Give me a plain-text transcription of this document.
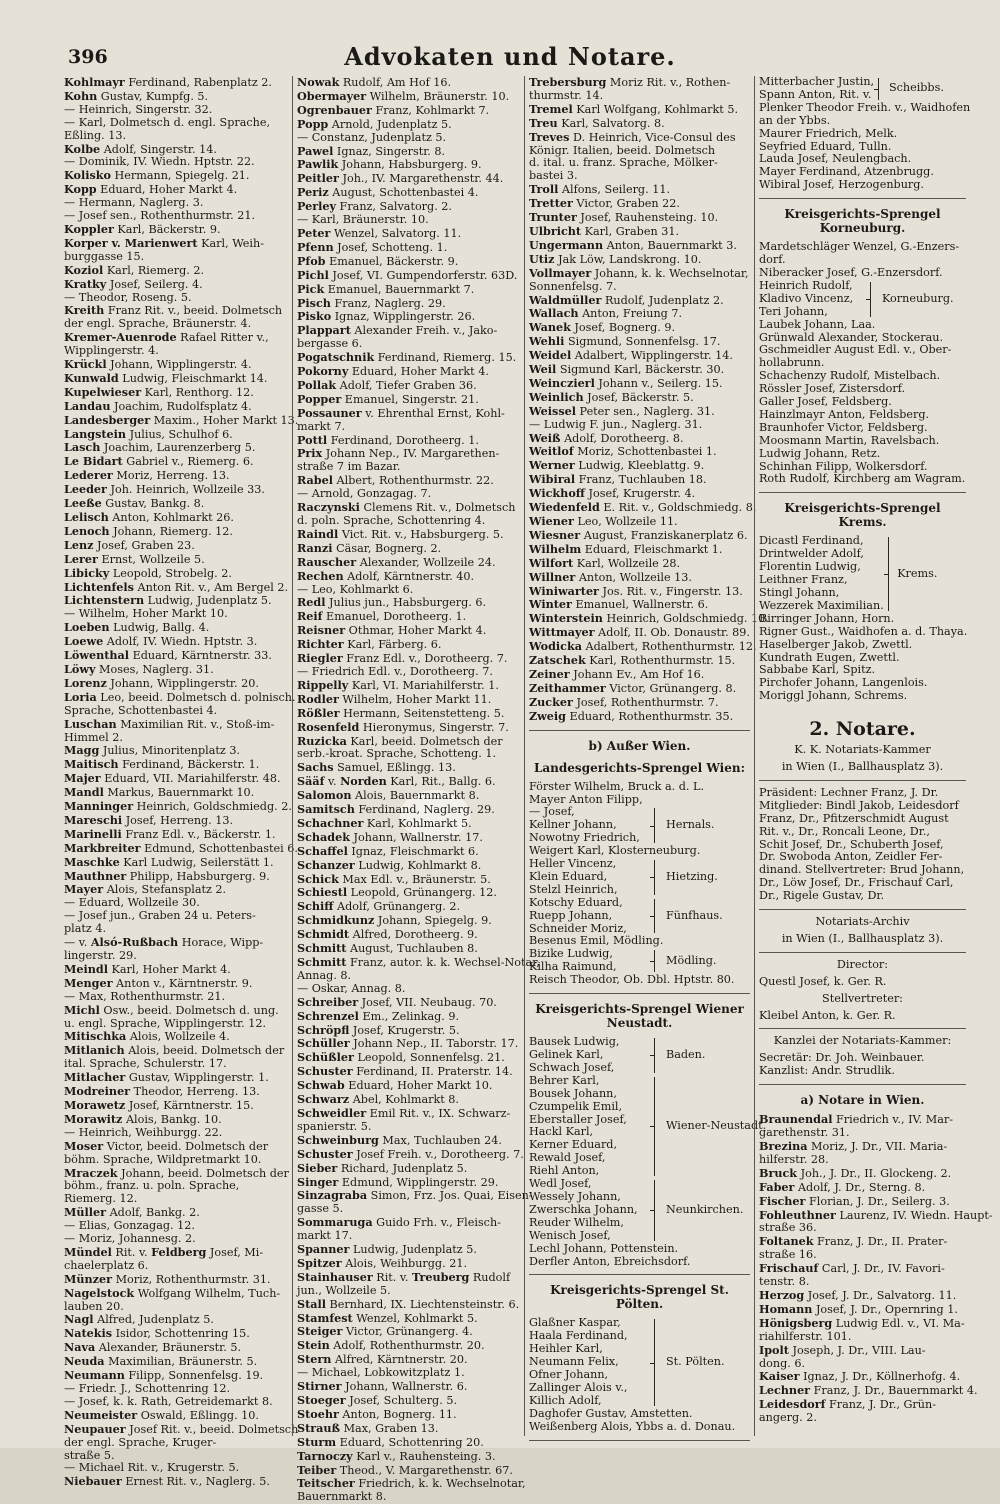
396	Advokaten und Notare.
Kohlmayr Ferdinand, Rabenplatz 2.
Kohn Gustav, Kumpfg. 5.
— Heinrich, Singerstr. 32.
— Karl, Dolmetsch d. engl. Sprache,
Eßling. 13.
Kolbe Adolf, Singerstr. 14.
— Dominik, IV. Wiedn. Hptstr. 22.
Kolisko Hermann, Spiegelg. 21.
Kopp Eduard, Hoher Markt 4.
— Hermann, Naglerg. 3.
— Josef sen., Rothenthurmstr. 21.
Koppler Karl, Bäckerstr. 9.
Korper v. Marienwert Karl, Weih-
burggasse 15.
Koziol Karl, Riemerg. 2.
Kratky Josef, Seilerg. 4.
— Theodor, Roseng. 5.
Kreith Franz Rit. v., beeid. Dolmetsch
der engl. Sprache, Bräunerstr. 4.
Kremer-Auenrode Rafael Ritter v.,
Wipplingerstr. 4.
Krückl Johann, Wipplingerstr. 4.
Kunwald Ludwig, Fleischmarkt 14.
Kupelwieser Karl, Renthorg. 12.
Landau Joachim, Rudolfsplatz 4.
Landesberger Maxim., Hoher Markt 13.
Langstein Julius, Schulhof 6.
Lasch Joachim, Laurenzerberg 5.
Le Bidart Gabriel v., Riemerg. 6.
Lederer Moriz, Herreng. 13.
Leeder Joh. Heinrich, Wollzeile 33.
Leeße Gustav, Bankg. 8.
Lelisch Anton, Kohlmarkt 26.
Lenoch Johann, Riemerg. 12.
Lenz Josef, Graben 23.
Lerer Ernst, Wollzeile 5.
Libicky Leopold, Strobelg. 2.
Lichtenfels Anton Rit. v., Am Bergel 2.
Lichtenstern Ludwig, Judenplatz 5.
— Wilhelm, Hoher Markt 10.
Loeben Ludwig, Ballg. 4.
Loewe Adolf, IV. Wiedn. Hptstr. 3.
Löwenthal Eduard, Kärntnerstr. 33.
Löwy Moses, Naglerg. 31.
Lorenz Johann, Wipplingerstr. 20.
Loria Leo, beeid. Dolmetsch d. polnisch.
Sprache, Schottenbastei 4.
Luschan Maximilian Rit. v., Stoß-im-
Himmel 2.
Magg Julius, Minoritenplatz 3.
Maitisch Ferdinand, Bäckerstr. 1.
Majer Eduard, VII. Mariahilferstr. 48.
Mandl Markus, Bauernmarkt 10.
Manninger Heinrich, Goldschmiedg. 2.
Mareschi Josef, Herreng. 13.
Marinelli Franz Edl. v., Bäckerstr. 1.
Markbreiter Edmund, Schottenbastei 6.
Maschke Karl Ludwig, Seilerstätt 1.
Mauthner Philipp, Habsburgerg. 9.
Mayer Alois, Stefansplatz 2.
— Eduard, Wollzeile 30.
— Josef jun., Graben 24 u. Peters-
platz 4.
— v. Alsó-Rußbach Horace, Wipp-
lingerstr. 29.
Meindl Karl, Hoher Markt 4.
Menger Anton v., Kärntnerstr. 9.
— Max, Rothenthurmstr. 21.
Michl Osw., beeid. Dolmetsch d. ung.
u. engl. Sprache, Wipplingerstr. 12.
Mitischka Alois, Wollzeile 4.
Mitlanich Alois, beeid. Dolmetsch der
ital. Sprache, Schulerstr. 17.
Mitlacher Gustav, Wipplingerstr. 1.
Modreiner Theodor, Herreng. 13.
Morawetz Josef, Kärntnerstr. 15.
Morawitz Alois, Bankg. 10.
— Heinrich, Weihburgg. 22.
Moser Victor, beeid. Dolmetsch der
böhm. Sprache, Wildpretmarkt 10.
Mraczek Johann, beeid. Dolmetsch der
böhm., franz. u. poln. Sprache,
Riemerg. 12.
Müller Adolf, Bankg. 2.
— Elias, Gonzagag. 12.
— Moriz, Johannesg. 2.
Mündel Rit. v. Feldberg Josef, Mi-
chaelerplatz 6.
Münzer Moriz, Rothenthurmstr. 31.
Nagelstock Wolfgang Wilhelm, Tuch-
lauben 20.
Nagl Alfred, Judenplatz 5.
Natekis Isidor, Schottenring 15.
Nava Alexander, Bräunerstr. 5.
Neuda Maximilian, Bräunerstr. 5.
Neumann Filipp, Sonnenfelsg. 19.
— Friedr. J., Schottenring 12.
— Josef, k. k. Rath, Getreidemarkt 8.
Neumeister Oswald, Eßlingg. 10.
Neupauer Josef Rit. v., beeid. Dolmetsch
der engl. Sprache, Kruger-
straße 5.
— Michael Rit. v., Krugerstr. 5.
Niebauer Ernest Rit. v., Naglerg. 5.
Nowak Rudolf, Am Hof 16.
Obermayer Wilhelm, Bräunerstr. 10.
Ogrenbauer Franz, Kohlmarkt 7.
Popp Arnold, Judenplatz 5.
— Constanz, Judenplatz 5.
Pawel Ignaz, Singerstr. 8.
Pawlik Johann, Habsburgerg. 9.
Peitler Joh., IV. Margarethenstr. 44.
Periz August, Schottenbastei 4.
Perley Franz, Salvatorg. 2.
— Karl, Bräunerstr. 10.
Peter Wenzel, Salvatorg. 11.
Pfenn Josef, Schotteng. 1.
Pfob Emanuel, Bäckerstr. 9.
Pichl Josef, VI. Gumpendorferstr. 63D.
Pick Emanuel, Bauernmarkt 7.
Pisch Franz, Naglerg. 29.
Pisko Ignaz, Wipplingerstr. 26.
Plappart Alexander Freih. v., Jako-
bergasse 6.
Pogatschnik Ferdinand, Riemerg. 15.
Pokorny Eduard, Hoher Markt 4.
Pollak Adolf, Tiefer Graben 36.
Popper Emanuel, Singerstr. 21.
Possauner v. Ehrenthal Ernst, Kohl-
markt 7.
Pottl Ferdinand, Dorotheerg. 1.
Prix Johann Nep., IV. Margarethen-
straße 7 im Bazar.
Rabel Albert, Rothenthurmstr. 22.
— Arnold, Gonzagag. 7.
Raczynski Clemens Rit. v., Dolmetsch
d. poln. Sprache, Schottenring 4.
Raindl Vict. Rit. v., Habsburgerg. 5.
Ranzi Cäsar, Bognerg. 2.
Rauscher Alexander, Wollzeile 24.
Rechen Adolf, Kärntnerstr. 40.
— Leo, Kohlmarkt 6.
Redl Julius jun., Habsburgerg. 6.
Reif Emanuel, Dorotheerg. 1.
Reisner Othmar, Hoher Markt 4.
Richter Karl, Färberg. 6.
Riegler Franz Edl. v., Dorotheerg. 7.
— Friedrich Edl. v., Dorotheerg. 7.
Rippelly Karl, VI. Mariahilferstr. 1.
Rodler Wilhelm, Hoher Markt 11.
Rößler Hermann, Seitenstetteng. 5.
Rosenfeld Hieronymus, Singerstr. 7.
Ruzicka Karl, beeid. Dolmetsch der
serb.-kroat. Sprache, Schotteng. 1.
Sachs Samuel, Eßlingg. 13.
Sääf v. Norden Karl, Rit., Ballg. 6.
Salomon Alois, Bauernmarkt 8.
Samitsch Ferdinand, Naglerg. 29.
Schachner Karl, Kohlmarkt 5.
Schadek Johann, Wallnerstr. 17.
Schaffel Ignaz, Fleischmarkt 6.
Schanzer Ludwig, Kohlmarkt 8.
Schick Max Edl. v., Bräunerstr. 5.
Schiestl Leopold, Grünangerg. 12.
Schiff Adolf, Grünangerg. 2.
Schmidkunz Johann, Spiegelg. 9.
Schmidt Alfred, Dorotheerg. 9.
Schmitt August, Tuchlauben 8.
Schmitt Franz, autor. k. k. Wechsel-Notar,
Annag. 8.
— Oskar, Annag. 8.
Schreiber Josef, VII. Neubaug. 70.
Schrenzel Em., Zelinkag. 9.
Schröpfl Josef, Krugerstr. 5.
Schüller Johann Nep., II. Taborstr. 17.
Schüßler Leopold, Sonnenfelsg. 21.
Schuster Ferdinand, II. Praterstr. 14.
Schwab Eduard, Hoher Markt 10.
Schwarz Abel, Kohlmarkt 8.
Schweidler Emil Rit. v., IX. Schwarz-
spanierstr. 5.
Schweinburg Max, Tuchlauben 24.
Schuster Josef Freih. v., Dorotheerg. 7.
Sieber Richard, Judenplatz 5.
Singer Edmund, Wipplingerstr. 29.
Sinzagraba Simon, Frz. Jos. Quai, Eisen-
gasse 5.
Sommaruga Guido Frh. v., Fleisch-
markt 17.
Spanner Ludwig, Judenplatz 5.
Spitzer Alois, Weihburgg. 21.
Stainhauser Rit. v. Treuberg Rudolf
jun., Wollzeile 5.
Stall Bernhard, IX. Liechtensteinstr. 6.
Stamfest Wenzel, Kohlmarkt 5.
Steiger Victor, Grünangerg. 4.
Stein Adolf, Rothenthurmstr. 20.
Stern Alfred, Kärntnerstr. 20.
— Michael, Lobkowitzplatz 1.
Stirner Johann, Wallnerstr. 6.
Stoeger Josef, Schulterg. 5.
Stoehr Anton, Bognerg. 11.
Strauß Max, Graben 13.
Sturm Eduard, Schottenring 20.
Tarnoczy Karl v., Rauhensteing. 3.
Teiber Theod., V. Margarethenstr. 67.
Teitscher Friedrich, k. k. Wechselnotar,
Bauernmarkt 8.
Trebersburg Moriz Rit. v., Rothen-
thurmstr. 14.
Tremel Karl Wolfgang, Kohlmarkt 5.
Treu Karl, Salvatorg. 8.
Treves D. Heinrich, Vice-Consul des
Königr. Italien, beeid. Dolmetsch
d. ital. u. franz. Sprache, Mölker-
bastei 3.
Troll Alfons, Seilerg. 11.
Tretter Victor, Graben 22.
Trunter Josef, Rauhensteing. 10.
Ulbricht Karl, Graben 31.
Ungermann Anton, Bauernmarkt 3.
Utiz Jak Löw, Landskrong. 10.
Vollmayer Johann, k. k. Wechselnotar,
Sonnenfelsg. 7.
Waldmüller Rudolf, Judenplatz 2.
Wallach Anton, Freiung 7.
Wanek Josef, Bognerg. 9.
Wehli Sigmund, Sonnenfelsg. 17.
Weidel Adalbert, Wipplingerstr. 14.
Weil Sigmund Karl, Bäckerstr. 30.
Weinczierl Johann v., Seilerg. 15.
Weinlich Josef, Bäckerstr. 5.
Weissel Peter sen., Naglerg. 31.
— Ludwig F. jun., Naglerg. 31.
Weiß Adolf, Dorotheerg. 8.
Weitlof Moriz, Schottenbastei 1.
Werner Ludwig, Kleeblattg. 9.
Wibiral Franz, Tuchlauben 18.
Wickhoff Josef, Krugerstr. 4.
Wiedenfeld E. Rit. v., Goldschmiedg. 8.
Wiener Leo, Wollzeile 11.
Wiesner August, Franziskanerplatz 6.
Wilhelm Eduard, Fleischmarkt 1.
Wilfort Karl, Wollzeile 28.
Willner Anton, Wollzeile 13.
Winiwarter Jos. Rit. v., Fingerstr. 13.
Winter Emanuel, Wallnerstr. 6.
Winterstein Heinrich, Goldschmiedg. 10.
Wittmayer Adolf, II. Ob. Donaustr. 89.
Wodicka Adalbert, Rothenthurmstr. 12.
Zatschek Karl, Rothenthurmstr. 15.
Zeiner Johann Ev., Am Hof 16.
Zeithammer Victor, Grünangerg. 8.
Zucker Josef, Rothenthurmstr. 7.
Zweig Eduard, Rothenthurmstr. 35.
b) Außer Wien.
Landesgerichts-Sprengel Wien:
Förster Wilhelm, Bruck a. d. L.
Mayer Anton Filipp,
— Josef,
Kellner Johann,
Nowotny Friedrich,
Hernals.
Weigert Karl, Klosterneuburg.
Heller Vincenz,
Klein Eduard,
Stelzl Heinrich,
Hietzing.
Kotschy Eduard,
Ruepp Johann,
Schneider Moriz,
Fünfhaus.
Besenus Emil, Mödling.
Bizike Ludwig,
Kilha Raimund,	Mödling.
Reisch Theodor, Ob. Dbl. Hptstr. 80.
Kreisgerichts-Sprengel Wiener Neustadt.
Bausek Ludwig,
Gelinek Karl,
Schwach Josef,
Baden.
Behrer Karl,
Bousek Johann,
Czumpelik Emil,
Eberstaller Josef,
Hackl Karl,
Kerner Eduard,
Rewald Josef,
Riehl Anton,
Wiener-Neustadt.
Wedl Josef,
Wessely Johann,
Zwerschka Johann,
Reuder Wilhelm,
Wenisch Josef,
Neunkirchen.
Lechl Johann, Pottenstein.
Derfler Anton, Ebreichsdorf.
Kreisgerichts-Sprengel St. Pölten.
Glaßner Kaspar,
Haala Ferdinand,
Heihler Karl,
Neumann Felix,
Ofner Johann,
Zallinger Alois v.,
Killich Adolf,
St. Pölten.
Daghofer Gustav, Amstetten.
Weißenberg Alois, Ybbs a. d. Donau.
Mitterbacher Justin,
Spann Anton, Rit. v. Scheibbs.
Plenker Theodor Freih. v., Waidhofen
an der Ybbs.
Maurer Friedrich, Melk.
Seyfried Eduard, Tulln.
Lauda Josef, Neulengbach.
Mayer Ferdinand, Atzenbrugg.
Wibiral Josef, Herzogenburg.
Kreisgerichts-Sprengel Korneuburg.
Mardetschläger Wenzel, G.-Enzers-
dorf.
Niberacker Josef, G.-Enzersdorf.
Heinrich Rudolf,
Kladivo Vincenz,
Teri Johann,
Korneuburg.
Laubek Johann, Laa.
Grünwald Alexander, Stockerau.
Gschmeidler August Edl. v., Ober-
hollabrunn.
Schachenzy Rudolf, Mistelbach.
Rössler Josef, Zistersdorf.
Galler Josef, Feldsberg.
Hainzlmayr Anton, Feldsberg.
Braunhofer Victor, Feldsberg.
Moosmann Martin, Ravelsbach.
Ludwig Johann, Retz.
Schinhan Filipp, Wolkersdorf.
Roth Rudolf, Kirchberg am Wagram.
Kreisgerichts-Sprengel Krems.
Dicastl Ferdinand,
Drintwelder Adolf,
Florentin Ludwig,
Leithner Franz,
Stingl Johann,
Wezzerek Maximilian.
Krems.
Birringer Johann, Horn.
Rigner Gust., Waidhofen a. d. Thaya.
Haselberger Jakob, Zwettl.
Kundrath Eugen, Zwettl.
Sabbabe Karl, Spitz.
Pirchofer Johann, Langenlois.
Moriggl Johann, Schrems.
2. Notare.
K. K. Notariats-Kammer
in Wien (I., Ballhausplatz 3).
Präsident: Lechner Franz, J. Dr.
Mitglieder: Bindl Jakob, Leidesdorf
Franz, Dr., Pfitzerschmidt August
Rit. v., Dr., Roncali Leone, Dr.,
Schit Josef, Dr., Schuberth Josef,
Dr. Swoboda Anton, Zeidler Fer-
dinand. Stellvertreter: Brud Johann,
Dr., Löw Josef, Dr., Frischauf Carl,
Dr., Rigele Gustav, Dr.
Notariats-Archiv
in Wien (I., Ballhausplatz 3).
Director:
Questl Josef, k. Ger. R.
Stellvertreter:
Kleibel Anton, k. Ger. R.
Kanzlei der Notariats-Kammer:
Secretär: Dr. Joh. Weinbauer.
Kanzlist: Andr. Strudlik.
a) Notare in Wien.
Braunendal Friedrich v., IV. Mar-
garethenstr. 31.
Brezina Moriz, J. Dr., VII. Maria-
hilferstr. 28.
Bruck Joh., J. Dr., II. Glockeng. 2.
Faber Adolf, J. Dr., Sterng. 8.
Fischer Florian, J. Dr., Seilerg. 3.
Fohleuthner Laurenz, IV. Wiedn. Haupt-
straße 36.
Foltanek Franz, J. Dr., II. Prater-
straße 16.
Frischauf Carl, J. Dr., IV. Favori-
tenstr. 8.
Herzog Josef, J. Dr., Salvatorg. 11.
Homann Josef, J. Dr., Opernring 1.
Hönigsberg Ludwig Edl. v., VI. Ma-
riahilferstr. 101.
Ipolt Joseph, J. Dr., VIII. Lau-
dong. 6.
Kaiser Ignaz, J. Dr., Köllnerhofg. 4.
Lechner Franz, J. Dr., Bauernmarkt 4.
Leidesdorf Franz, J. Dr., Grün-
angerg. 2.
